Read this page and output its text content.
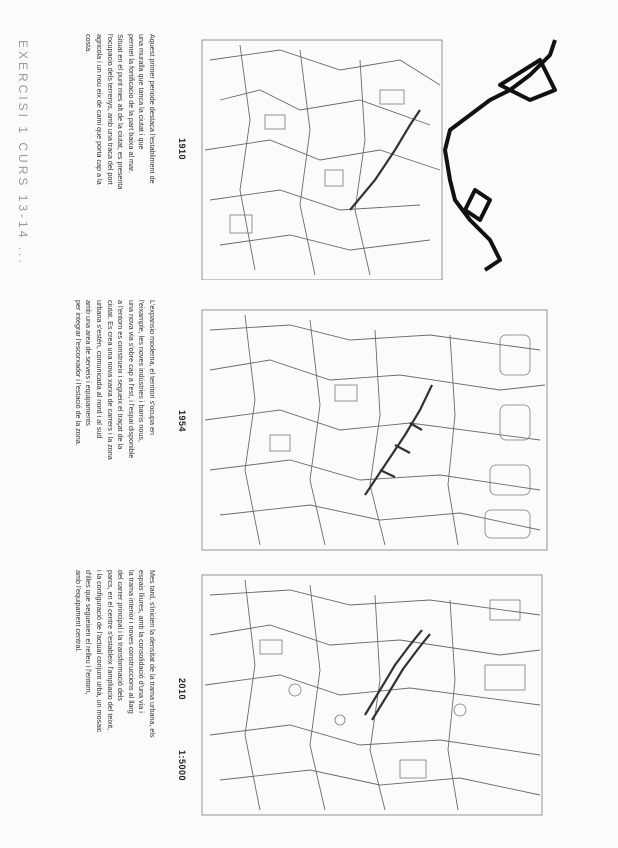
EXERCISI 1 CURS 13-14 ...	Aquest primer periode destaca l'establiment de
una muralla que tanca la ciutat i que
permet la fortificacio de la part baixa al mar.
Situat en el punt mes alt de la ciutat, es presenta
l'ocupacio dels terrenys, amb una traca del port
agricola i un nou eix de cami que porta cap a la
costa.
1910
L'expansio moderna, el territori s'ocupa en
l'eixample, les noves indústries i barris nous,
una nova via s'obre cap a l'est, i l'espai disponible
a l'entorn es construeix i segueix el traçat de la
ciutat. Es crea una nova xarxa de carrers i la zona
urbana s'estén, comunicada al nord i al sud
amb una area de serveis i equipaments
per integrar l'escorxador i l'estació de la zona.	1954
Mes tard, s'inicien la densitat de la trama urbana, els
espais lliures, amb la consolidació d'una via i
la trama interior i noves construccions al llarg
del carrer principal i la transformació dels
parcs, en el centre s'estableix l'ampliacio del teixit,
i la configuració de l'actual conjunt urbà, un mosaic
d'illes que segueixen el relleu i l'entorn,
amb l'equipament central.
2010
1:5000
